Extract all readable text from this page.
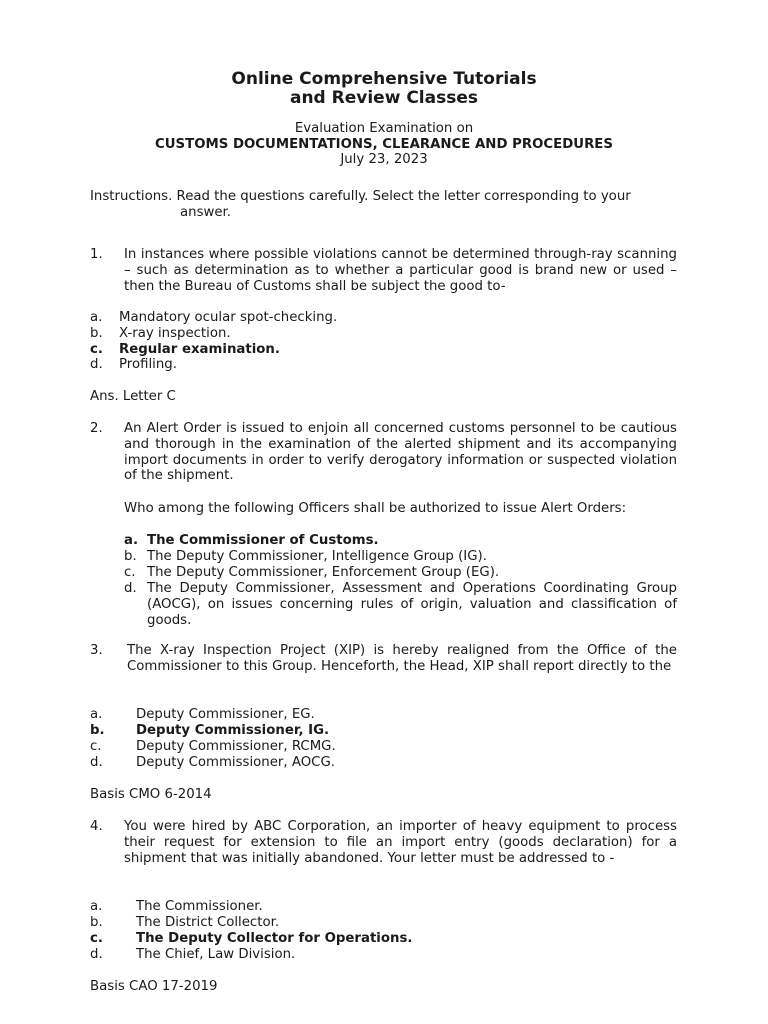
Online Comprehensive Tutorials
and Review Classes
Evaluation Examination on
CUSTOMS DOCUMENTATIONS, CLEARANCE AND PROCEDURES
July 23, 2023
Instructions. Read the questions carefully. Select the letter corresponding to your
answer.
1. In instances where possible violations cannot be determined through-ray scanning – such as determination as to whether a particular good is brand new or used – then the Bureau of Customs shall be subject the good to-
a. Mandatory ocular spot-checking.
b. X-ray inspection.
c. Regular examination.
d. Profiling.
Ans. Letter C
2. An Alert Order is issued to enjoin all concerned customs personnel to be cautious and thorough in the examination of the alerted shipment and its accompanying import documents in order to verify derogatory information or suspected violation of the shipment.
Who among the following Officers shall be authorized to issue Alert Orders:
a. The Commissioner of Customs.
b. The Deputy Commissioner, Intelligence Group (IG).
c. The Deputy Commissioner, Enforcement Group (EG).
d. The Deputy Commissioner, Assessment and Operations Coordinating Group (AOCG), on issues concerning rules of origin, valuation and classification of goods.
3. The X-ray Inspection Project (XIP) is hereby realigned from the Office of the Commissioner to this Group. Henceforth, the Head, XIP shall report directly to the
a.	Deputy Commissioner, EG.
b. Deputy Commissioner, IG.
c.	Deputy Commissioner, RCMG.
d.	Deputy Commissioner, AOCG.
Basis CMO 6-2014
4. You were hired by ABC Corporation, an importer of heavy equipment to process their request for extension to file an import entry (goods declaration) for a shipment that was initially abandoned. Your letter must be addressed to -
a.	The Commissioner.
b.	The District Collector.
c. The Deputy Collector for Operations.
d.	The Chief, Law Division.
Basis CAO 17-2019
